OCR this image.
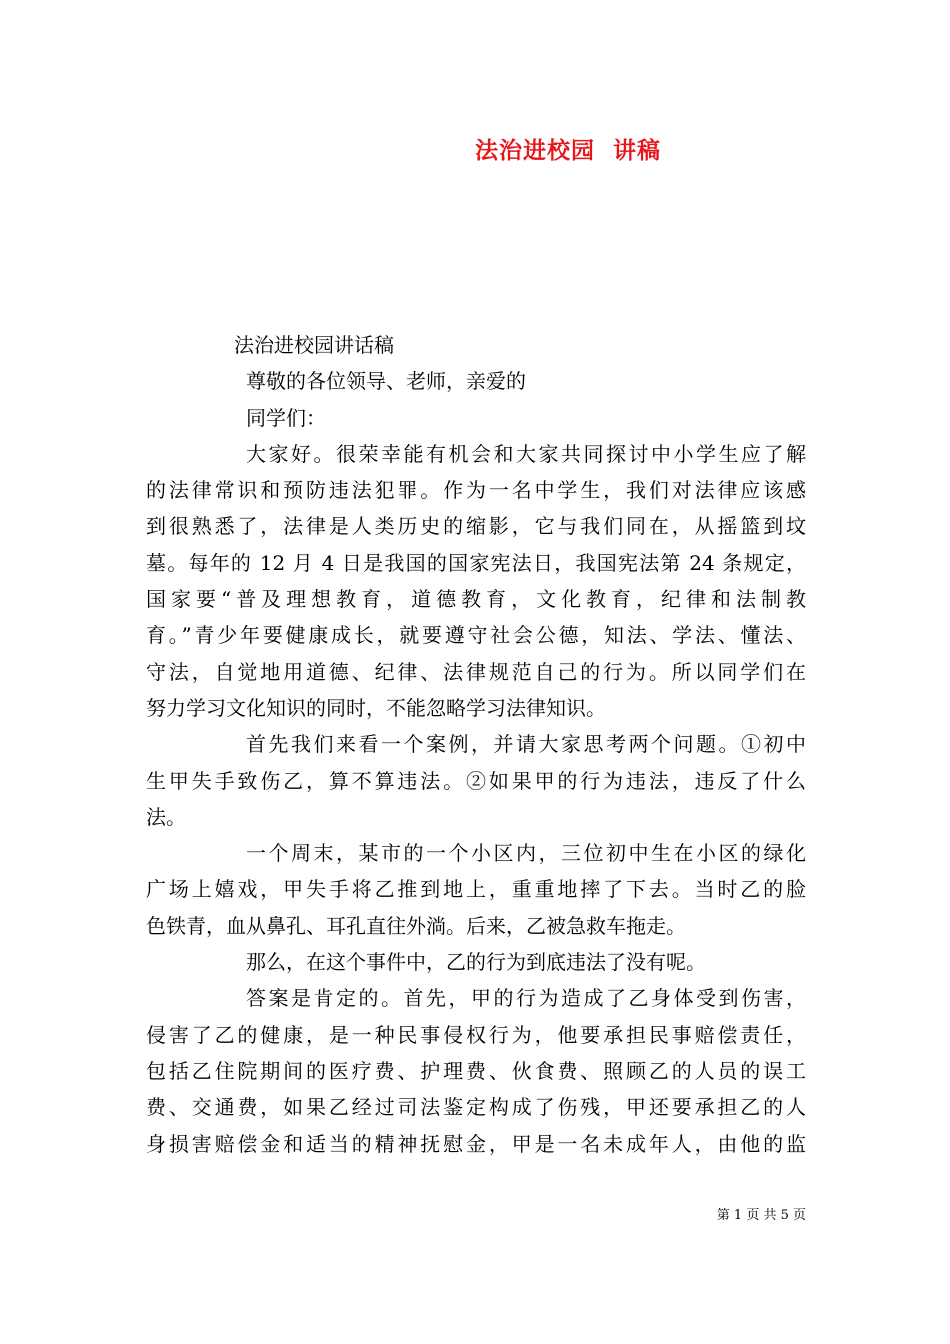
法治进校园  讲稿
法治进校园讲话稿
尊敬的各位领导、老师，亲爱的
同学们：
大家好。很荣幸能有机会和大家共同探讨中小学生应了解
的法律常识和预防违法犯罪。作为一名中学生，我们对法律应该感
到很熟悉了，法律是人类历史的缩影，它与我们同在，从摇篮到坟
墓。每年的 12 月 4 日是我国的国家宪法日，我国宪法第 24 条规定，
国家要“普及理想教育，道德教育，文化教育，纪律和法制教
育。”青少年要健康成长，就要遵守社会公德，知法、学法、懂法、
守法，自觉地用道德、纪律、法律规范自己的行为。所以同学们在
努力学习文化知识的同时，不能忽略学习法律知识。
首先我们来看一个案例，并请大家思考两个问题。①初中
生甲失手致伤乙，算不算违法。②如果甲的行为违法，违反了什么
法。
一个周末，某市的一个小区内，三位初中生在小区的绿化
广场上嬉戏，甲失手将乙推到地上，重重地摔了下去。当时乙的脸
色铁青，血从鼻孔、耳孔直往外淌。后来，乙被急救车拖走。
那么，在这个事件中，乙的行为到底违法了没有呢。
答案是肯定的。首先，甲的行为造成了乙身体受到伤害，
侵害了乙的健康，是一种民事侵权行为，他要承担民事赔偿责任，
包括乙住院期间的医疗费、护理费、伙食费、照顾乙的人员的误工
费、交通费，如果乙经过司法鉴定构成了伤残，甲还要承担乙的人
身损害赔偿金和适当的精神抚慰金，甲是一名未成年人，由他的监
第 1 页 共 5 页
